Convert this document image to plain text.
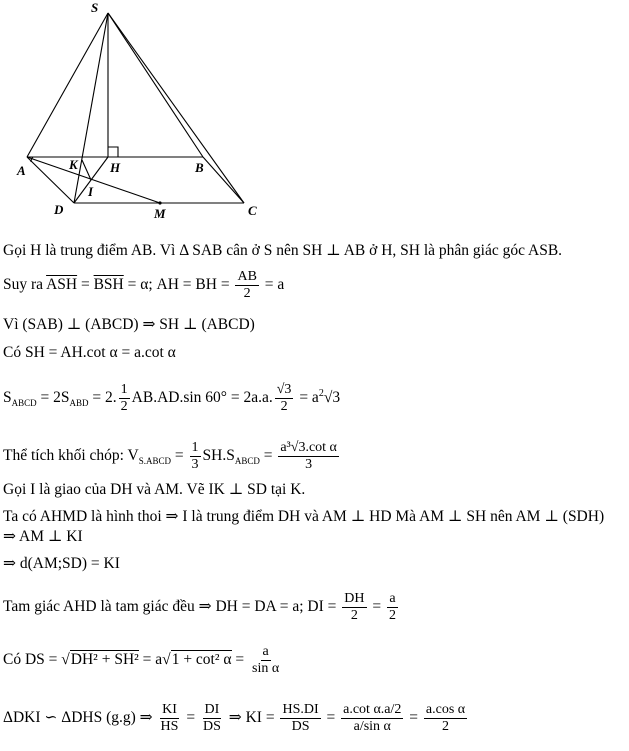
S
A	K H	B
I
D	M	C
Gọi H là trung điểm AB. Vì Δ SAB cân ở S nên SH ⊥ AB ở H, SH là phân giác góc ASB.
Suy ra $\overline{ASH} = \overline{BSH} = \alpha$; AH = BH = $\frac{AB}{2} = a$
Vì (SAB) ⊥ (ABCD) ⇒ SH ⊥ (ABCD)
Có SH = AH.cot α = a.cot α
$S_{ABCD} = 2S_{ABD} = 2$. $\frac{1}{2} AB.AD.\sin$ 60° = 2a.a. $\frac{√3}{2} = a^2√3$
Thể tích khối chóp: $V_{S.ABCD} = \frac{1}{3} SH.S_{ABCD} = \frac{\text{a³√3.cot α}}{3}$
Gọi I là giao của DH và AM. Vẽ IK ⊥ SD tại K.
Ta có AHMD là hình thoi ⇒ I là trung điểm DH và AM ⊥ HD Mà AM ⊥ SH nên AM ⊥ (SDH)
⇒ AM ⊥ KI
⇒ d(AM;SD) = KI
Tam giác AHD là tam giác đều ⇒ DH = DA = a; DI = $\frac{DH}{2} = \frac{a}{2}$
Có DS = √DH² + SH² = a√1 + cot² $\alpha = \frac{a}{\text{sin α}}$
ΔDKI ∽ ΔDHS (g.g) ⇒ $\frac{KI}{HS} = \frac{DI}{DS}$ ⇒ KI = $\frac{HS.DI}{DS} = \frac{\text{a.cot α.a/2}}{\text{a/sin α}} = \frac{\text{a.cos α}}{2}$
